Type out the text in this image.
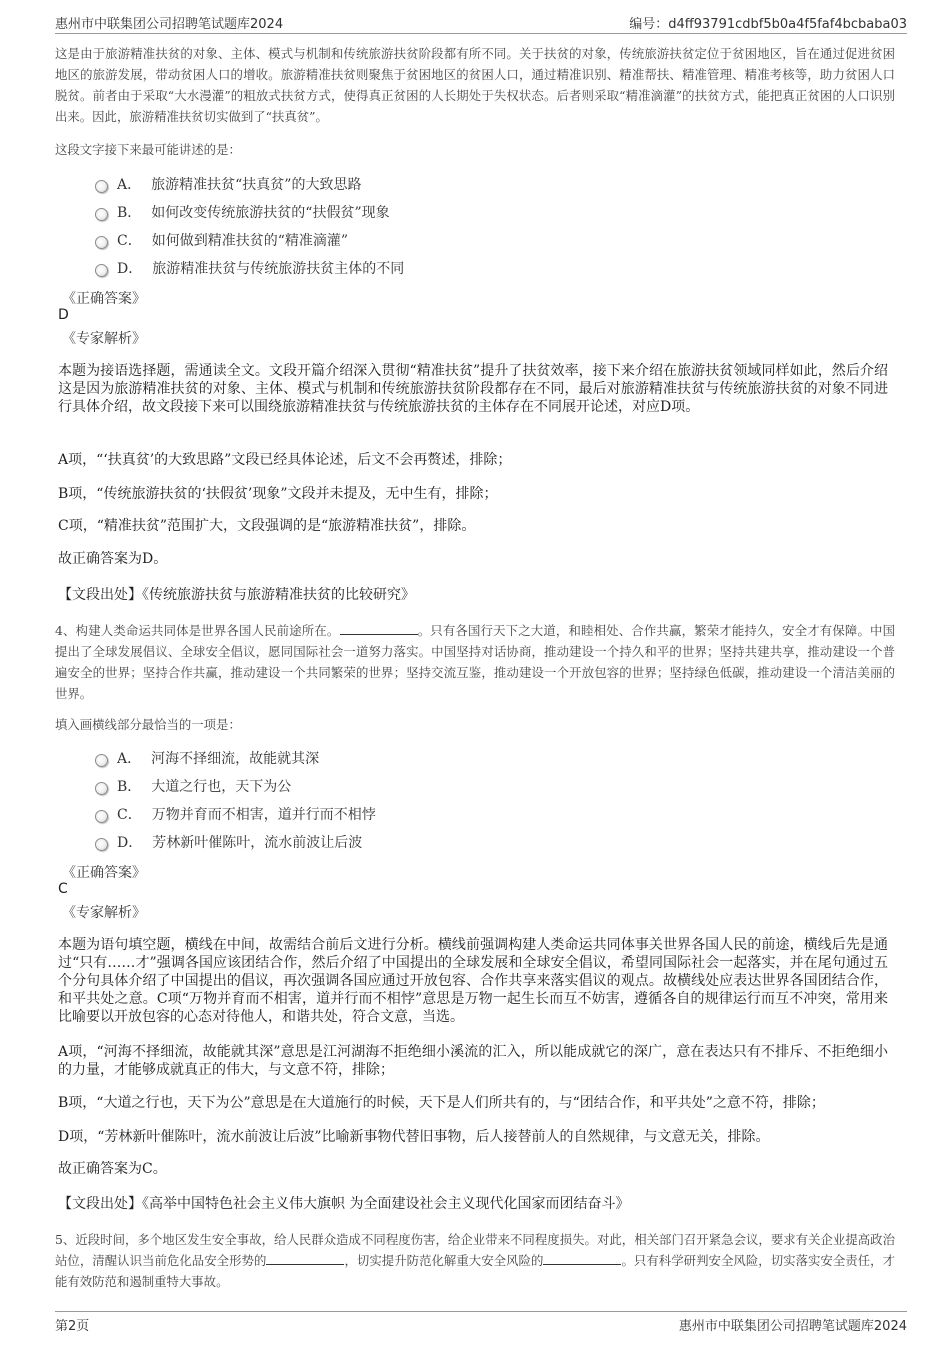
惠州市中联集团公司招聘笔试题库2024	编号：d4ff93791cdbf5b0a4f5faf4bcbaba03
这是由于旅游精准扶贫的对象、主体、模式与机制和传统旅游扶贫阶段都有所不同。关于扶贫的对象，传统旅游扶贫定位于贫困地区，旨在通过促进贫困地区的旅游发展，带动贫困人口的增收。旅游精准扶贫则聚焦于贫困地区的贫困人口，通过精准识别、精准帮扶、精准管理、精准考核等，助力贫困人口脱贫。前者由于采取“大水漫灌”的粗放式扶贫方式，使得真正贫困的人长期处于失权状态。后者则采取“精准滴灌”的扶贫方式，能把真正贫困的人口识别出来。因此，旅游精准扶贫切实做到了“扶真贫”。
这段文字接下来最可能讲述的是：
A． 旅游精准扶贫“扶真贫”的大致思路
B． 如何改变传统旅游扶贫的“扶假贫”现象
C． 如何做到精准扶贫的“精准滴灌”
D． 旅游精准扶贫与传统旅游扶贫主体的不同
《正确答案》
D
《专家解析》
本题为接语选择题，需通读全文。文段开篇介绍深入贯彻“精准扶贫”提升了扶贫效率，接下来介绍在旅游扶贫领域同样如此，然后介绍这是因为旅游精准扶贫的对象、主体、模式与机制和传统旅游扶贫阶段都存在不同，最后对旅游精准扶贫与传统旅游扶贫的对象不同进行具体介绍，故文段接下来可以围绕旅游精准扶贫与传统旅游扶贫的主体存在不同展开论述，对应D项。
A项，“‘扶真贫’的大致思路”文段已经具体论述，后文不会再赘述，排除；
B项，“传统旅游扶贫的‘扶假贫’现象”文段并未提及，无中生有，排除；
C项，“精准扶贫”范围扩大，文段强调的是“旅游精准扶贫”，排除。
故正确答案为D。
【文段出处】《传统旅游扶贫与旅游精准扶贫的比较研究》
4、构建人类命运共同体是世界各国人民前途所在。	。只有各国行天下之大道，和睦相处、合作共赢，繁荣才能持久，安全才有保障。中国提出了全球发展倡议、全球安全倡议，愿同国际社会一道努力落实。中国坚持对话协商，推动建设一个持久和平的世界；坚持共建共享，推动建设一个普遍安全的世界；坚持合作共赢，推动建设一个共同繁荣的世界；坚持交流互鉴，推动建设一个开放包容的世界；坚持绿色低碳，推动建设一个清洁美丽的世界。
填入画横线部分最恰当的一项是：
A． 河海不择细流，故能就其深
B． 大道之行也，天下为公
C． 万物并育而不相害，道并行而不相悖
D． 芳林新叶催陈叶，流水前波让后波
《正确答案》
C
《专家解析》
本题为语句填空题，横线在中间，故需结合前后文进行分析。横线前强调构建人类命运共同体事关世界各国人民的前途，横线后先是通过“只有……才”强调各国应该团结合作，然后介绍了中国提出的全球发展和全球安全倡议，希望同国际社会一起落实，并在尾句通过五个分句具体介绍了中国提出的倡议，再次强调各国应通过开放包容、合作共享来落实倡议的观点。故横线处应表达世界各国团结合作，和平共处之意。C项“万物并育而不相害，道并行而不相悖”意思是万物一起生长而互不妨害，遵循各自的规律运行而互不冲突，常用来比喻要以开放包容的心态对待他人，和谐共处，符合文意，当选。
A项，“河海不择细流，故能就其深”意思是江河湖海不拒绝细小溪流的汇入，所以能成就它的深广，意在表达只有不排斥、不拒绝细小的力量，才能够成就真正的伟大，与文意不符，排除；
B项，“大道之行也，天下为公”意思是在大道施行的时候，天下是人们所共有的，与“团结合作，和平共处”之意不符，排除；
D项，“芳林新叶催陈叶，流水前波让后波”比喻新事物代替旧事物，后人接替前人的自然规律，与文意无关，排除。
故正确答案为C。
【文段出处】《高举中国特色社会主义伟大旗帜 为全面建设社会主义现代化国家而团结奋斗》
5、近段时间，多个地区发生安全事故，给人民群众造成不同程度伤害，给企业带来不同程度损失。对此，相关部门召开紧急会议，要求有关企业提高政治站位，清醒认识当前危化品安全形势的	，切实提升防范化解重大安全风险的	。只有科学研判安全风险，切实落实安全责任，才能有效防范和遏制重特大事故。
第2页	惠州市中联集团公司招聘笔试题库2024
